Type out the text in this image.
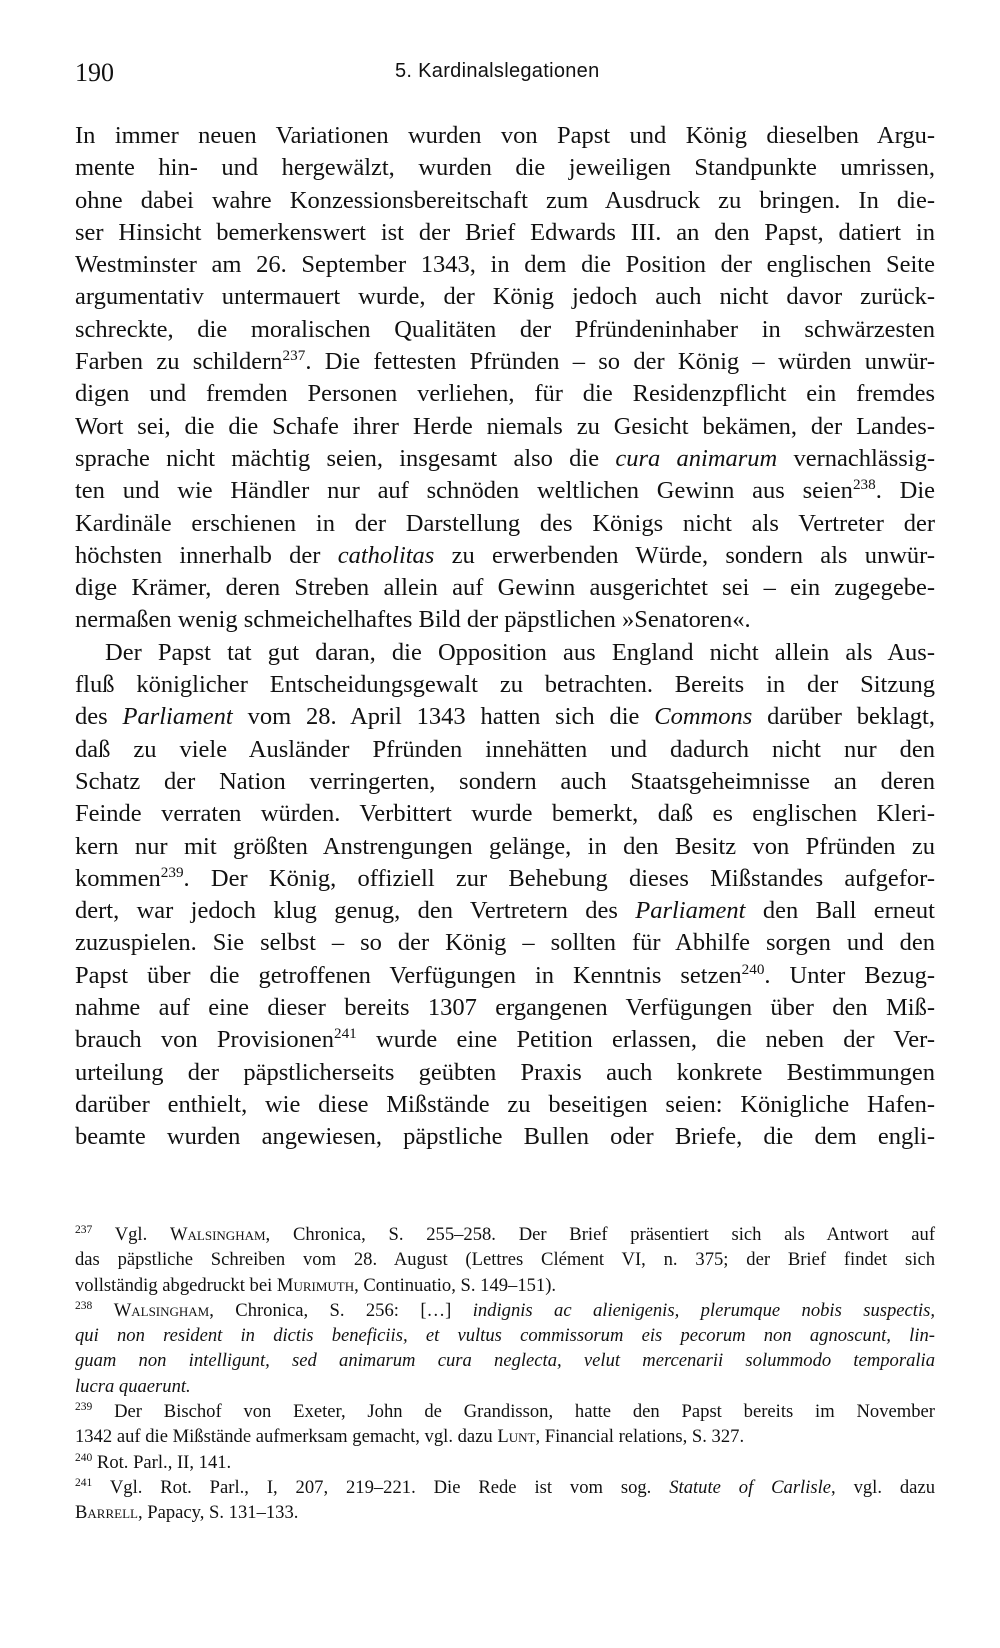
190	5. Kardinalslegationen

In immer neuen Variationen wurden von Papst und König dieselben Argu-
mente hin- und hergewälzt, wurden die jeweiligen Standpunkte umrissen,
ohne dabei wahre Konzessionsbereitschaft zum Ausdruck zu bringen. In die-
ser Hinsicht bemerkenswert ist der Brief Edwards III. an den Papst, datiert in
Westminster am 26. September 1343, in dem die Position der englischen Seite
argumentativ untermauert wurde, der König jedoch auch nicht davor zurück-
schreckte, die moralischen Qualitäten der Pfründeninhaber in schwärzesten
Farben zu schildern$^{237}$. Die fettesten Pfründen – so der König – würden unwür-
digen und fremden Personen verliehen, für die Residenzpflicht ein fremdes
Wort sei, die die Schafe ihrer Herde niemals zu Gesicht bekämen, der Landes-
sprache nicht mächtig seien, insgesamt also die cura animarum vernachlässig-
ten und wie Händler nur auf schnöden weltlichen Gewinn aus seien$^{238}$. Die
Kardinäle erschienen in der Darstellung des Königs nicht als Vertreter der
höchsten innerhalb der catholitas zu erwerbenden Würde, sondern als unwür-
dige Krämer, deren Streben allein auf Gewinn ausgerichtet sei – ein zugegebe-
nermaßen wenig schmeichelhaftes Bild der päpstlichen »Senatoren«.

Der Papst tat gut daran, die Opposition aus England nicht allein als Aus-
fluß königlicher Entscheidungsgewalt zu betrachten. Bereits in der Sitzung
des Parliament vom 28. April 1343 hatten sich die Commons darüber beklagt,
daß zu viele Ausländer Pfründen innehätten und dadurch nicht nur den
Schatz der Nation verringerten, sondern auch Staatsgeheimnisse an deren
Feinde verraten würden. Verbittert wurde bemerkt, daß es englischen Kleri-
kern nur mit größten Anstrengungen gelänge, in den Besitz von Pfründen zu
kommen$^{239}$. Der König, offiziell zur Behebung dieses Mißstandes aufgefor-
dert, war jedoch klug genug, den Vertretern des Parliament den Ball erneut
zuzuspielen. Sie selbst – so der König – sollten für Abhilfe sorgen und den
Papst über die getroffenen Verfügungen in Kenntnis setzen$^{240}$. Unter Bezug-
nahme auf eine dieser bereits 1307 ergangenen Verfügungen über den Miß-
brauch von Provisionen$^{241}$ wurde eine Petition erlassen, die neben der Ver-
urteilung der päpstlicherseits geübten Praxis auch konkrete Bestimmungen
darüber enthielt, wie diese Mißstände zu beseitigen seien: Königliche Hafen-
beamte wurden angewiesen, päpstliche Bullen oder Briefe, die dem engli-

$^{237}$ Vgl. Walsingham, Chronica, S. 255–258. Der Brief präsentiert sich als Antwort auf
das päpstliche Schreiben vom 28. August (Lettres Clément VI, n. 375; der Brief findet sich
vollständig abgedruckt bei Murimuth, Continuatio, S. 149–151).
$^{238}$ Walsingham, Chronica, S. 256: […] indignis ac alienigenis, plerumque nobis suspectis,
qui non resident in dictis beneficiis, et vultus commissorum eis pecorum non agnoscunt, lin-
guam non intelligunt, sed animarum cura neglecta, velut mercenarii solummodo temporalia
lucra quaerunt.
$^{239}$ Der Bischof von Exeter, John de Grandisson, hatte den Papst bereits im November
1342 auf die Mißstände aufmerksam gemacht, vgl. dazu Lunt, Financial relations, S. 327.
$^{240}$ Rot. Parl., II, 141.
$^{241}$ Vgl. Rot. Parl., I, 207, 219–221. Die Rede ist vom sog. Statute of Carlisle, vgl. dazu
Barrell, Papacy, S. 131–133.
